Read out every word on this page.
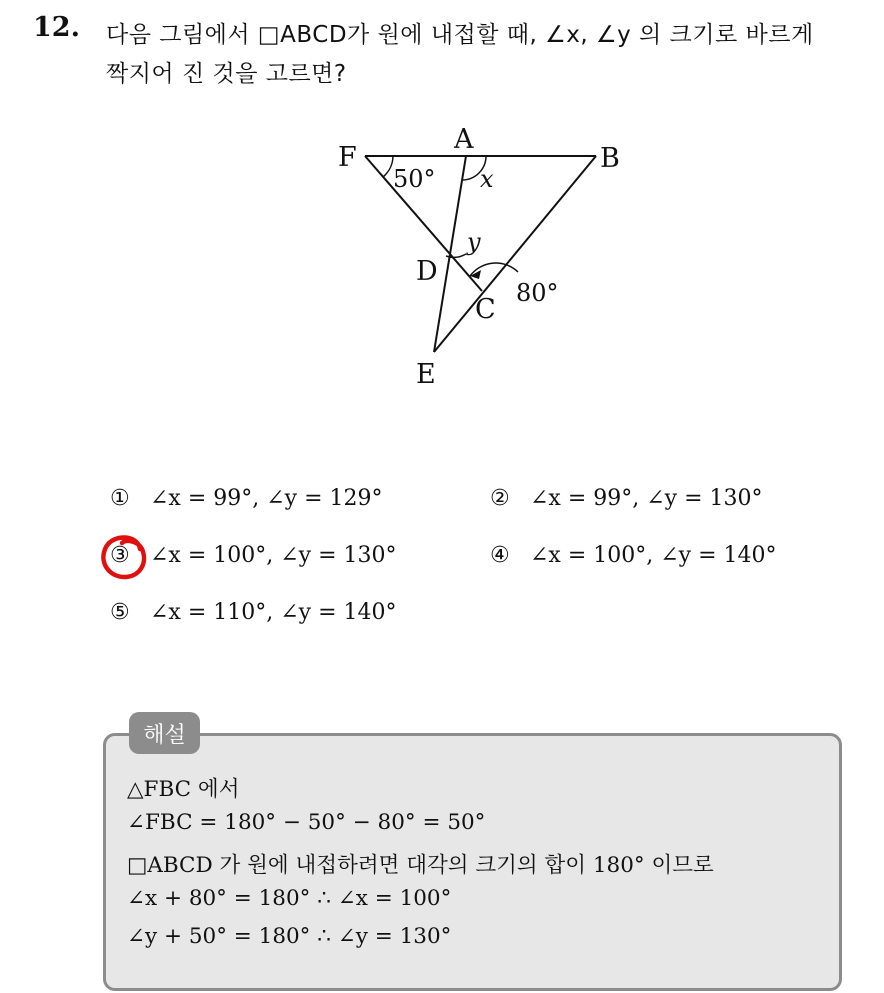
12. 다음 그림에서 □ABCD가 원에 내접할 때, ∠x, ∠y 의 크기로 바르게
짝지어 진 것을 고르면?
F
A
B
D
C
E
50° x
y
80°
① ∠x = 99°, ∠y = 129°	② ∠x = 99°, ∠y = 130°
③ ∠x = 100°, ∠y = 130°	④ ∠x = 100°, ∠y = 140°
⑤ ∠x = 110°, ∠y = 140°
해설
△FBC 에서
∠FBC = 180° − 50° − 80° = 50°
□ABCD 가 원에 내접하려면 대각의 크기의 합이 180° 이므로
∠x + 80° = 180° ∴ ∠x = 100°
∠y + 50° = 180° ∴ ∠y = 130°
